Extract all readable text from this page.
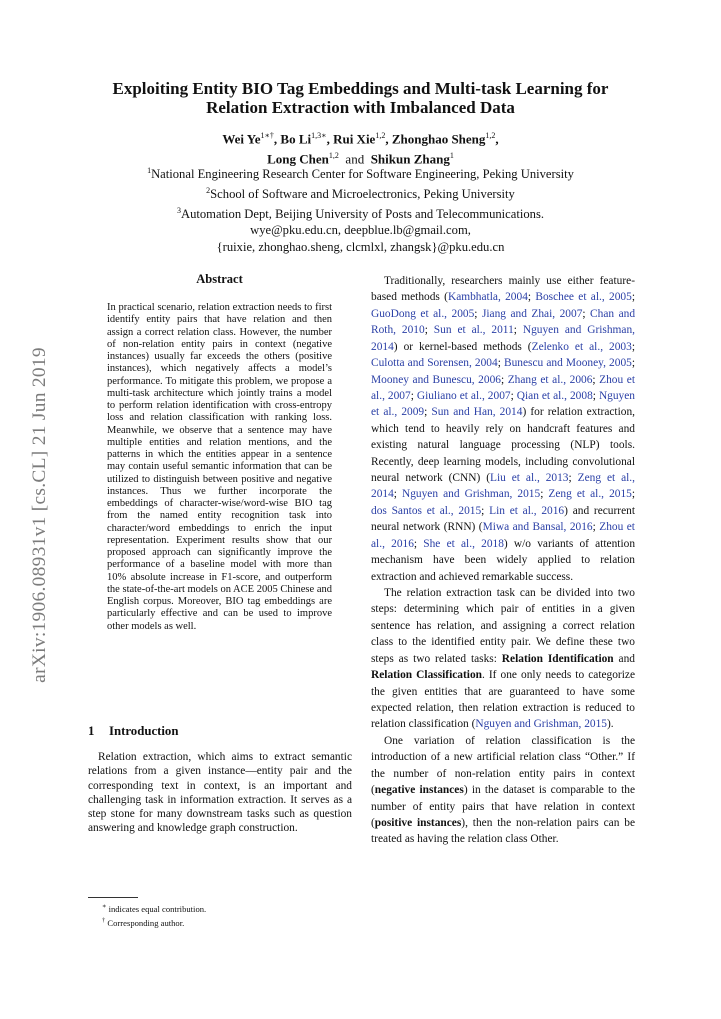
arXiv:1906.08931v1 [cs.CL] 21 Jun 2019
Exploiting Entity BIO Tag Embeddings and Multi-task Learning for Relation Extraction with Imbalanced Data
Wei $Ye^{1∗\dagger}$, Bo $Li^{1,3∗}$, Rui Xie$^{1,2}$, Zhonghao Sheng$^{1,2}$,
Long Chen$^{1,2}$ and Shikun Zhang$^1$
$^1$National Engineering Research Center for Software Engineering, Peking University
$^2$School of Software and Microelectronics, Peking University
$^3$Automation Dept, Beijing University of Posts and Telecommunications.
wye@pku.edu.cn, deepblue.lb@gmail.com,
{ruixie, zhonghao.sheng, clcmlxl, zhangsk}@pku.edu.cn
Abstract
In practical scenario, relation extraction needs to first identify entity pairs that have relation and then assign a correct relation class. However, the number of non-relation entity pairs in context (negative instances) usually far exceeds the others (positive instances), which negatively affects a model’s performance. To mitigate this problem, we propose a multi-task architecture which jointly trains a model to perform relation identification with cross-entropy loss and relation classification with ranking loss. Meanwhile, we observe that a sentence may have multiple entities and relation mentions, and the patterns in which the entities appear in a sentence may contain useful semantic information that can be utilized to distinguish between positive and negative instances. Thus we further incorporate the embeddings of character-wise/word-wise BIO tag from the named entity recognition task into character/word embeddings to enrich the input representation. Experiment results show that our proposed approach can significantly improve the performance of a baseline model with more than 10% absolute increase in F1-score, and outperform the state-of-the-art models on ACE 2005 Chinese and English corpus. Moreover, BIO tag embeddings are particularly effective and can be used to improve other models as well.
1 Introduction

Relation extraction, which aims to extract semantic relations from a given instance—entity pair and the corresponding text in context, is an important and challenging task in information extraction. It serves as a step stone for many downstream tasks such as question answering and knowledge graph construction.

∗ indicates equal contribution.
† Corresponding author.

Traditionally, researchers mainly use either feature-based methods (Kambhatla, 2004; Boschee et al., 2005; GuoDong et al., 2005; Jiang and Zhai, 2007; Chan and Roth, 2010; Sun et al., 2011; Nguyen and Grishman, 2014) or kernel-based methods (Zelenko et al., 2003; Culotta and Sorensen, 2004; Bunescu and Mooney, 2005; Mooney and Bunescu, 2006; Zhang et al., 2006; Zhou et al., 2007; Giuliano et al., 2007; Qian et al., 2008; Nguyen et al., 2009; Sun and Han, 2014) for relation extraction, which tend to heavily rely on handcraft features and existing natural language processing (NLP) tools. Recently, deep learning models, including convolutional neural network (CNN) (Liu et al., 2013; Zeng et al., 2014; Nguyen and Grishman, 2015; Zeng et al., 2015; dos Santos et al., 2015; Lin et al., 2016) and recurrent neural network (RNN) (Miwa and Bansal, 2016; Zhou et al., 2016; She et al., 2018) w/o variants of attention mechanism have been widely applied to relation extraction and achieved remarkable success.

The relation extraction task can be divided into two steps: determining which pair of entities in a given sentence has relation, and assigning a correct relation class to the identified entity pair. We define these two steps as two related tasks: Relation Identification and Relation Classification. If one only needs to categorize the given entities that are guaranteed to have some expected relation, then relation extraction is reduced to relation classification (Nguyen and Grishman, 2015).

One variation of relation classification is the introduction of a new artificial relation class “Other.” If the number of non-relation entity pairs in context (negative instances) in the dataset is comparable to the number of entity pairs that have relation in context (positive instances), then the non-relation pairs can be treated as having the relation class Other.
